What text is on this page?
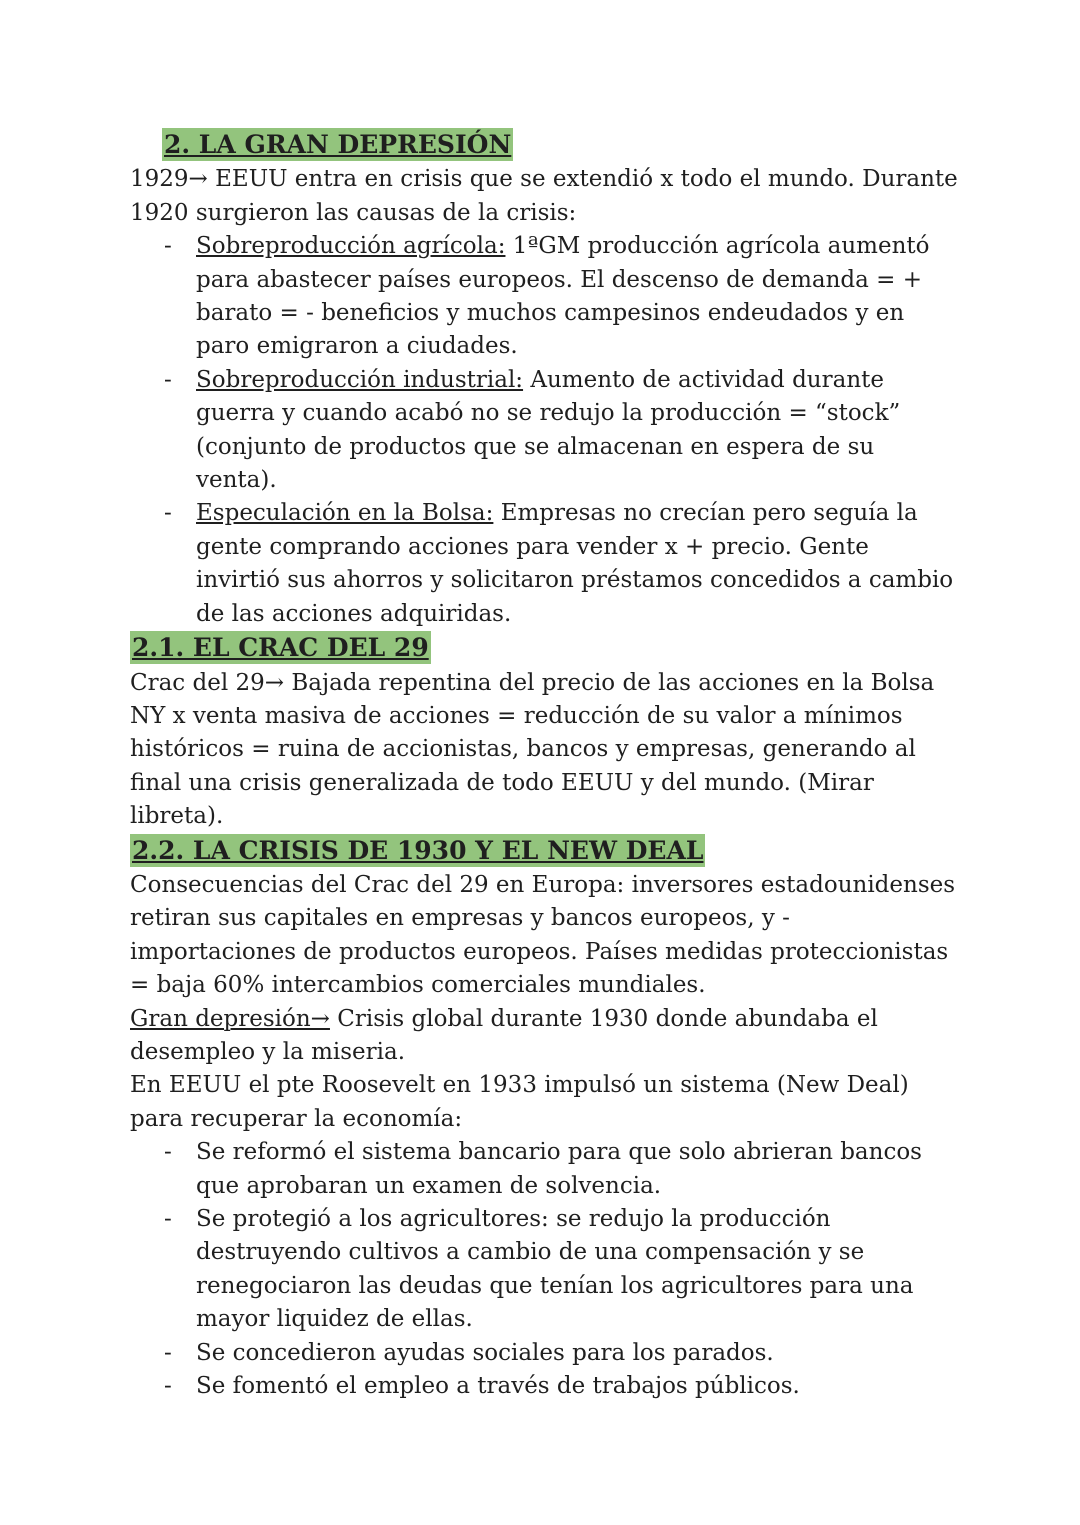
2. LA GRAN DEPRESIÓN

1929→ EEUU entra en crisis que se extendió x todo el mundo. Durante 1920 surgieron las causas de la crisis:

- Sobreproducción agrícola: 1ªGM producción agrícola aumentó para abastecer países europeos. El descenso de demanda = + barato = - beneficios y muchos campesinos endeudados y en paro emigraron a ciudades.
- Sobreproducción industrial: Aumento de actividad durante guerra y cuando acabó no se redujo la producción = “stock” (conjunto de productos que se almacenan en espera de su venta).
- Especulación en la Bolsa: Empresas no crecían pero seguía la gente comprando acciones para vender x + precio. Gente invirtió sus ahorros y solicitaron préstamos concedidos a cambio de las acciones adquiridas.
2.1. EL CRAC DEL 29

Crac del 29→ Bajada repentina del precio de las acciones en la Bolsa NY x venta masiva de acciones = reducción de su valor a mínimos históricos = ruina de accionistas, bancos y empresas, generando al final una crisis generalizada de todo EEUU y del mundo. (Mirar libreta).

2.2. LA CRISIS DE 1930 Y EL NEW DEAL

Consecuencias del Crac del 29 en Europa: inversores estadounidenses retiran sus capitales en empresas y bancos europeos, y - importaciones de productos europeos. Países medidas proteccionistas = baja 60% intercambios comerciales mundiales.

Gran depresión→ Crisis global durante 1930 donde abundaba el desempleo y la miseria.

En EEUU el pte Roosevelt en 1933 impulsó un sistema (New Deal) para recuperar la economía:

- Se reformó el sistema bancario para que solo abrieran bancos que aprobaran un examen de solvencia.
- Se protegió a los agricultores: se redujo la producción destruyendo cultivos a cambio de una compensación y se renegociaron las deudas que tenían los agricultores para una mayor liquidez de ellas.
- Se concedieron ayudas sociales para los parados.
- Se fomentó el empleo a través de trabajos públicos.
